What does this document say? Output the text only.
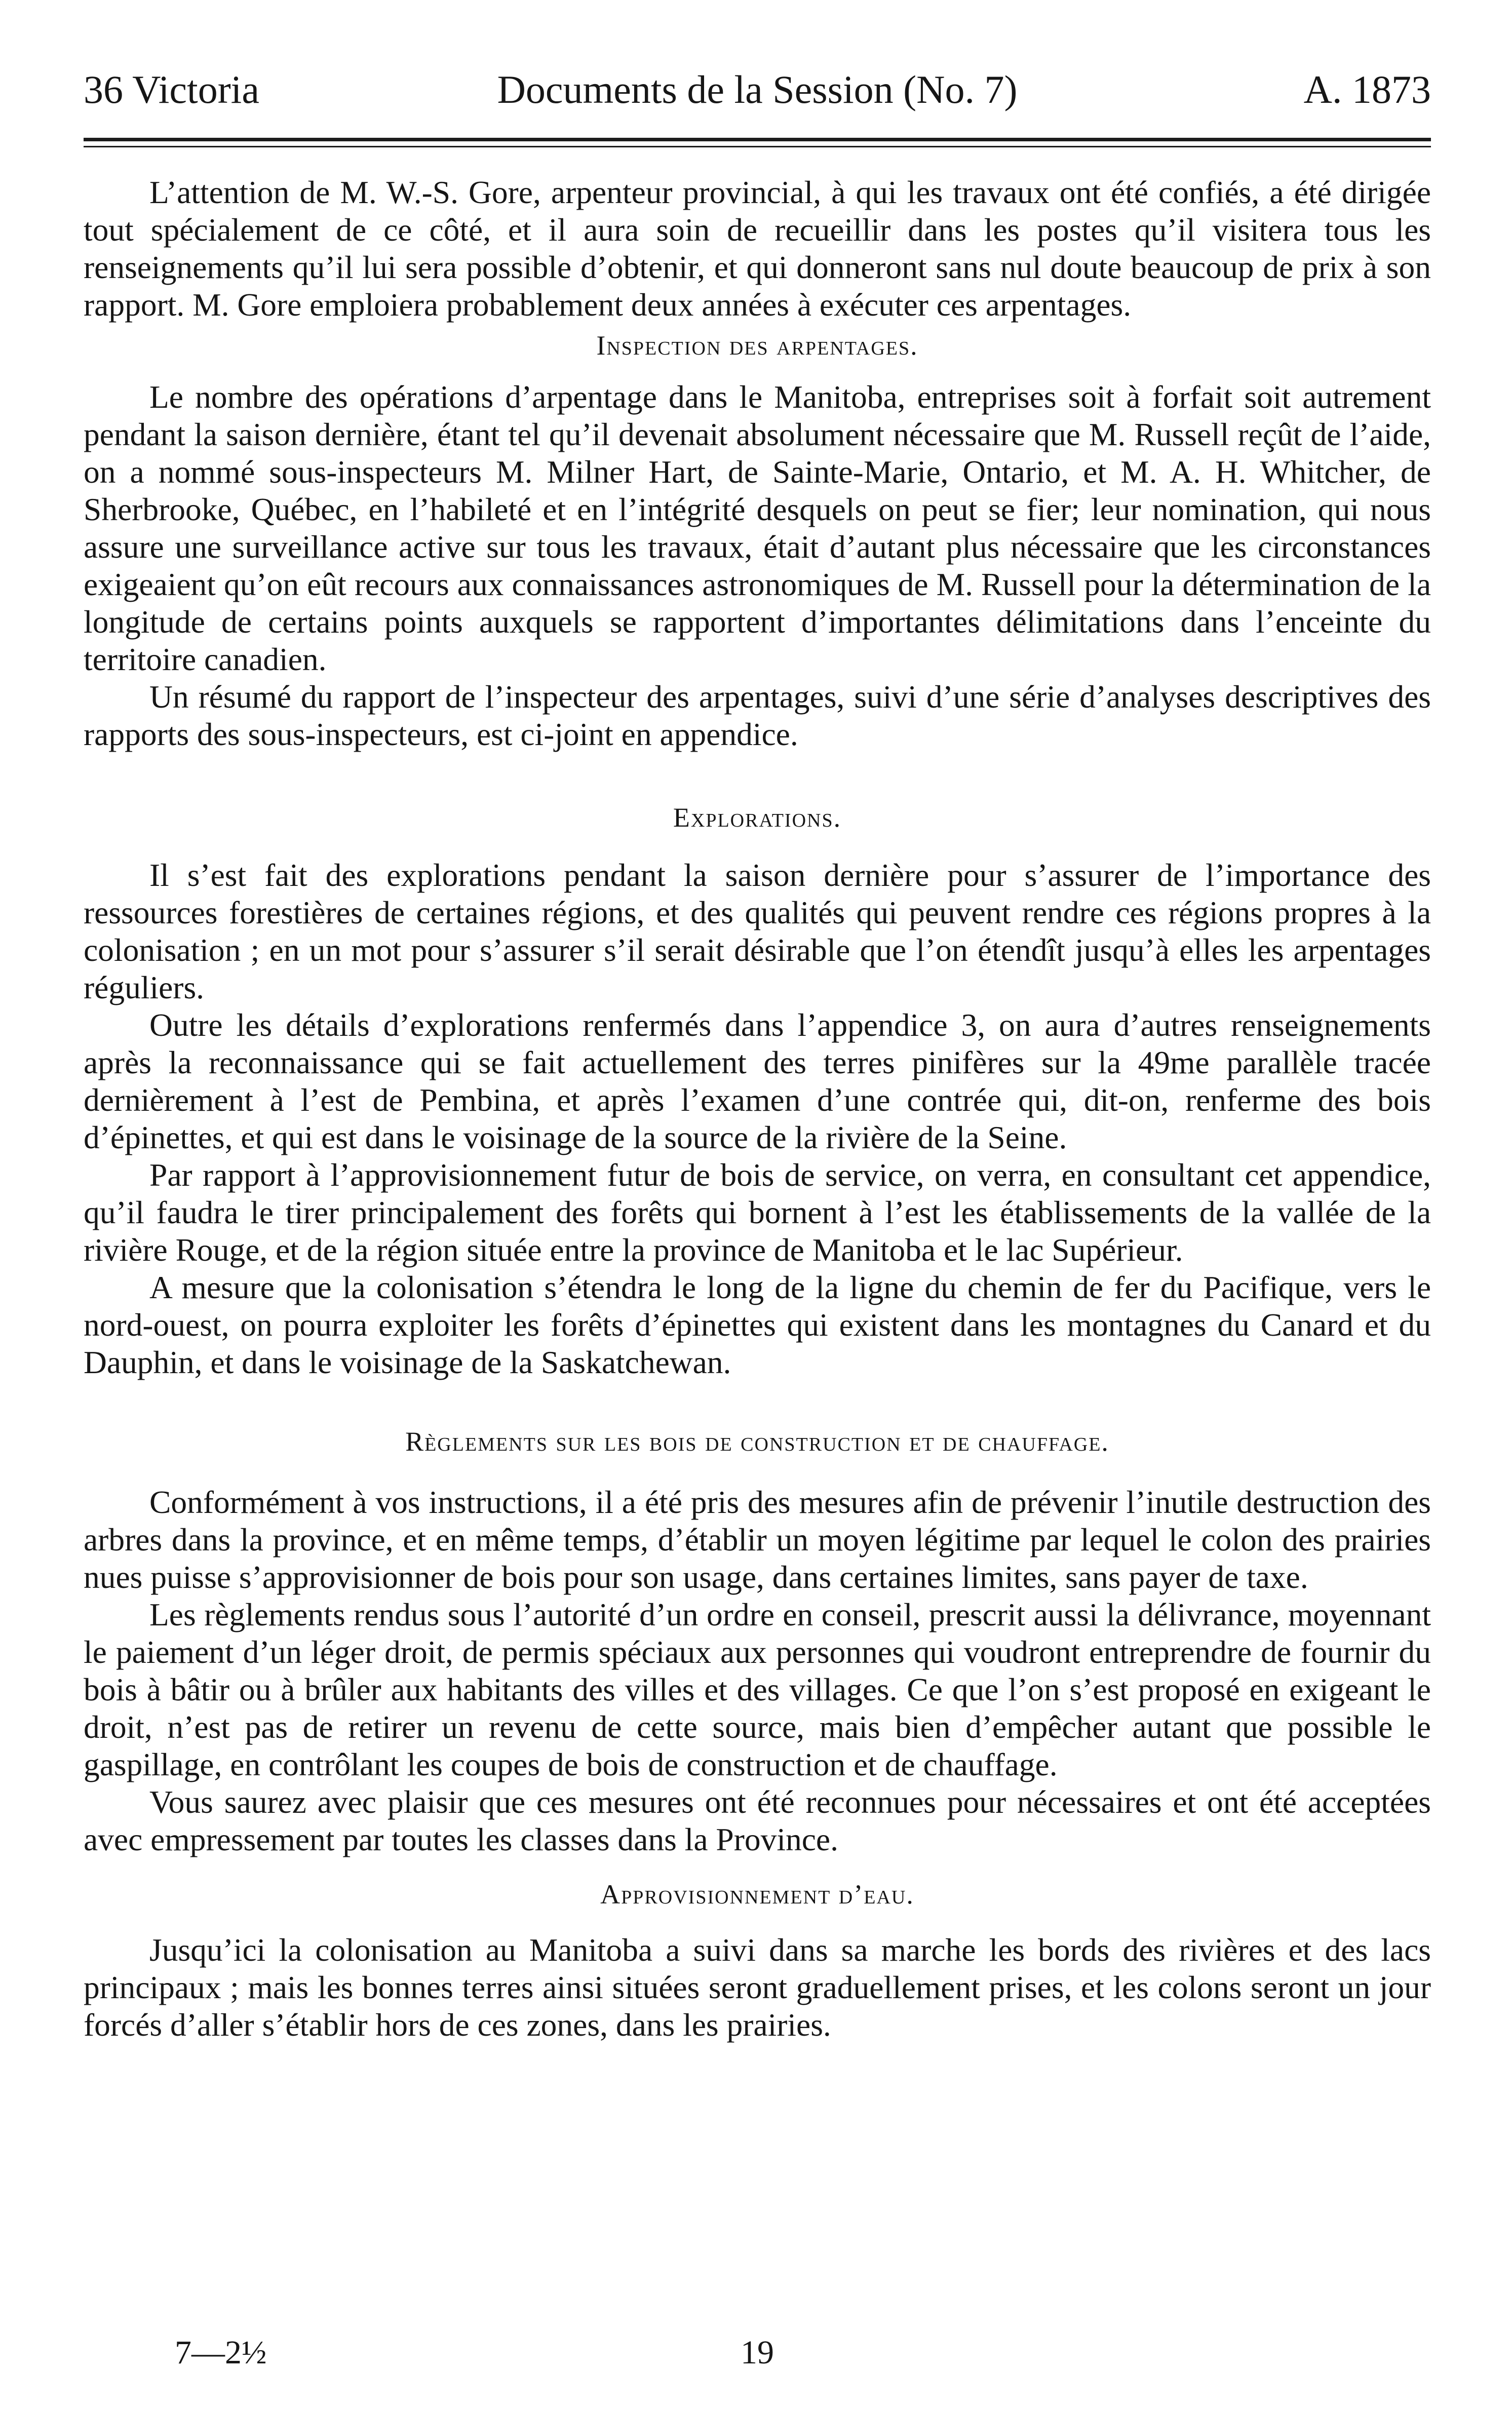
36 Victoria	Documents de la Session (No. 7)	A. 1873

L’attention de M. W.-S. Gore, arpenteur provincial, à qui les travaux ont été confiés, a été dirigée tout spécialement de ce côté, et il aura soin de recueillir dans les postes qu’il visitera tous les renseignements qu’il lui sera possible d’obtenir, et qui donneront sans nul doute beaucoup de prix à son rapport. M. Gore emploiera probablement deux années à exécuter ces arpentages.

Inspection des arpentages.

Le nombre des opérations d’arpentage dans le Manitoba, entreprises soit à forfait soit autrement pendant la saison dernière, étant tel qu’il devenait absolument nécessaire que M. Russell reçût de l’aide, on a nommé sous-inspecteurs M. Milner Hart, de Sainte-Marie, Ontario, et M. A. H. Whitcher, de Sherbrooke, Québec, en l’habileté et en l’intégrité desquels on peut se fier; leur nomination, qui nous assure une surveillance active sur tous les travaux, était d’autant plus nécessaire que les circonstances exigeaient qu’on eût recours aux connaissances astronomiques de M. Russell pour la détermination de la longitude de certains points auxquels se rapportent d’importantes délimitations dans l’enceinte du territoire canadien.

Un résumé du rapport de l’inspecteur des arpentages, suivi d’une série d’analyses descriptives des rapports des sous-inspecteurs, est ci-joint en appendice.

Explorations.

Il s’est fait des explorations pendant la saison dernière pour s’assurer de l’importance des ressources forestières de certaines régions, et des qualités qui peuvent rendre ces régions propres à la colonisation ; en un mot pour s’assurer s’il serait désirable que l’on étendît jusqu’à elles les arpentages réguliers.

Outre les détails d’explorations renfermés dans l’appendice 3, on aura d’autres renseignements après la reconnaissance qui se fait actuellement des terres pinifères sur la 49me parallèle tracée dernièrement à l’est de Pembina, et après l’examen d’une contrée qui, dit-on, renferme des bois d’épinettes, et qui est dans le voisinage de la source de la rivière de la Seine.

Par rapport à l’approvisionnement futur de bois de service, on verra, en consultant cet appendice, qu’il faudra le tirer principalement des forêts qui bornent à l’est les établissements de la vallée de la rivière Rouge, et de la région située entre la province de Manitoba et le lac Supérieur.

A mesure que la colonisation s’étendra le long de la ligne du chemin de fer du Pacifique, vers le nord-ouest, on pourra exploiter les forêts d’épinettes qui existent dans les montagnes du Canard et du Dauphin, et dans le voisinage de la Saskatchewan.

Règlements sur les bois de construction et de chauffage.

Conformément à vos instructions, il a été pris des mesures afin de prévenir l’inutile destruction des arbres dans la province, et en même temps, d’établir un moyen légitime par lequel le colon des prairies nues puisse s’approvisionner de bois pour son usage, dans certaines limites, sans payer de taxe.

Les règlements rendus sous l’autorité d’un ordre en conseil, prescrit aussi la délivrance, moyennant le paiement d’un léger droit, de permis spéciaux aux personnes qui voudront entreprendre de fournir du bois à bâtir ou à brûler aux habitants des villes et des villages. Ce que l’on s’est proposé en exigeant le droit, n’est pas de retirer un revenu de cette source, mais bien d’empêcher autant que possible le gaspillage, en contrôlant les coupes de bois de construction et de chauffage.

Vous saurez avec plaisir que ces mesures ont été reconnues pour nécessaires et ont été acceptées avec empressement par toutes les classes dans la Province.

Approvisionnement d’eau.

Jusqu’ici la colonisation au Manitoba a suivi dans sa marche les bords des rivières et des lacs principaux ; mais les bonnes terres ainsi situées seront graduellement prises, et les colons seront un jour forcés d’aller s’établir hors de ces zones, dans les prairies.

7—2½	19
